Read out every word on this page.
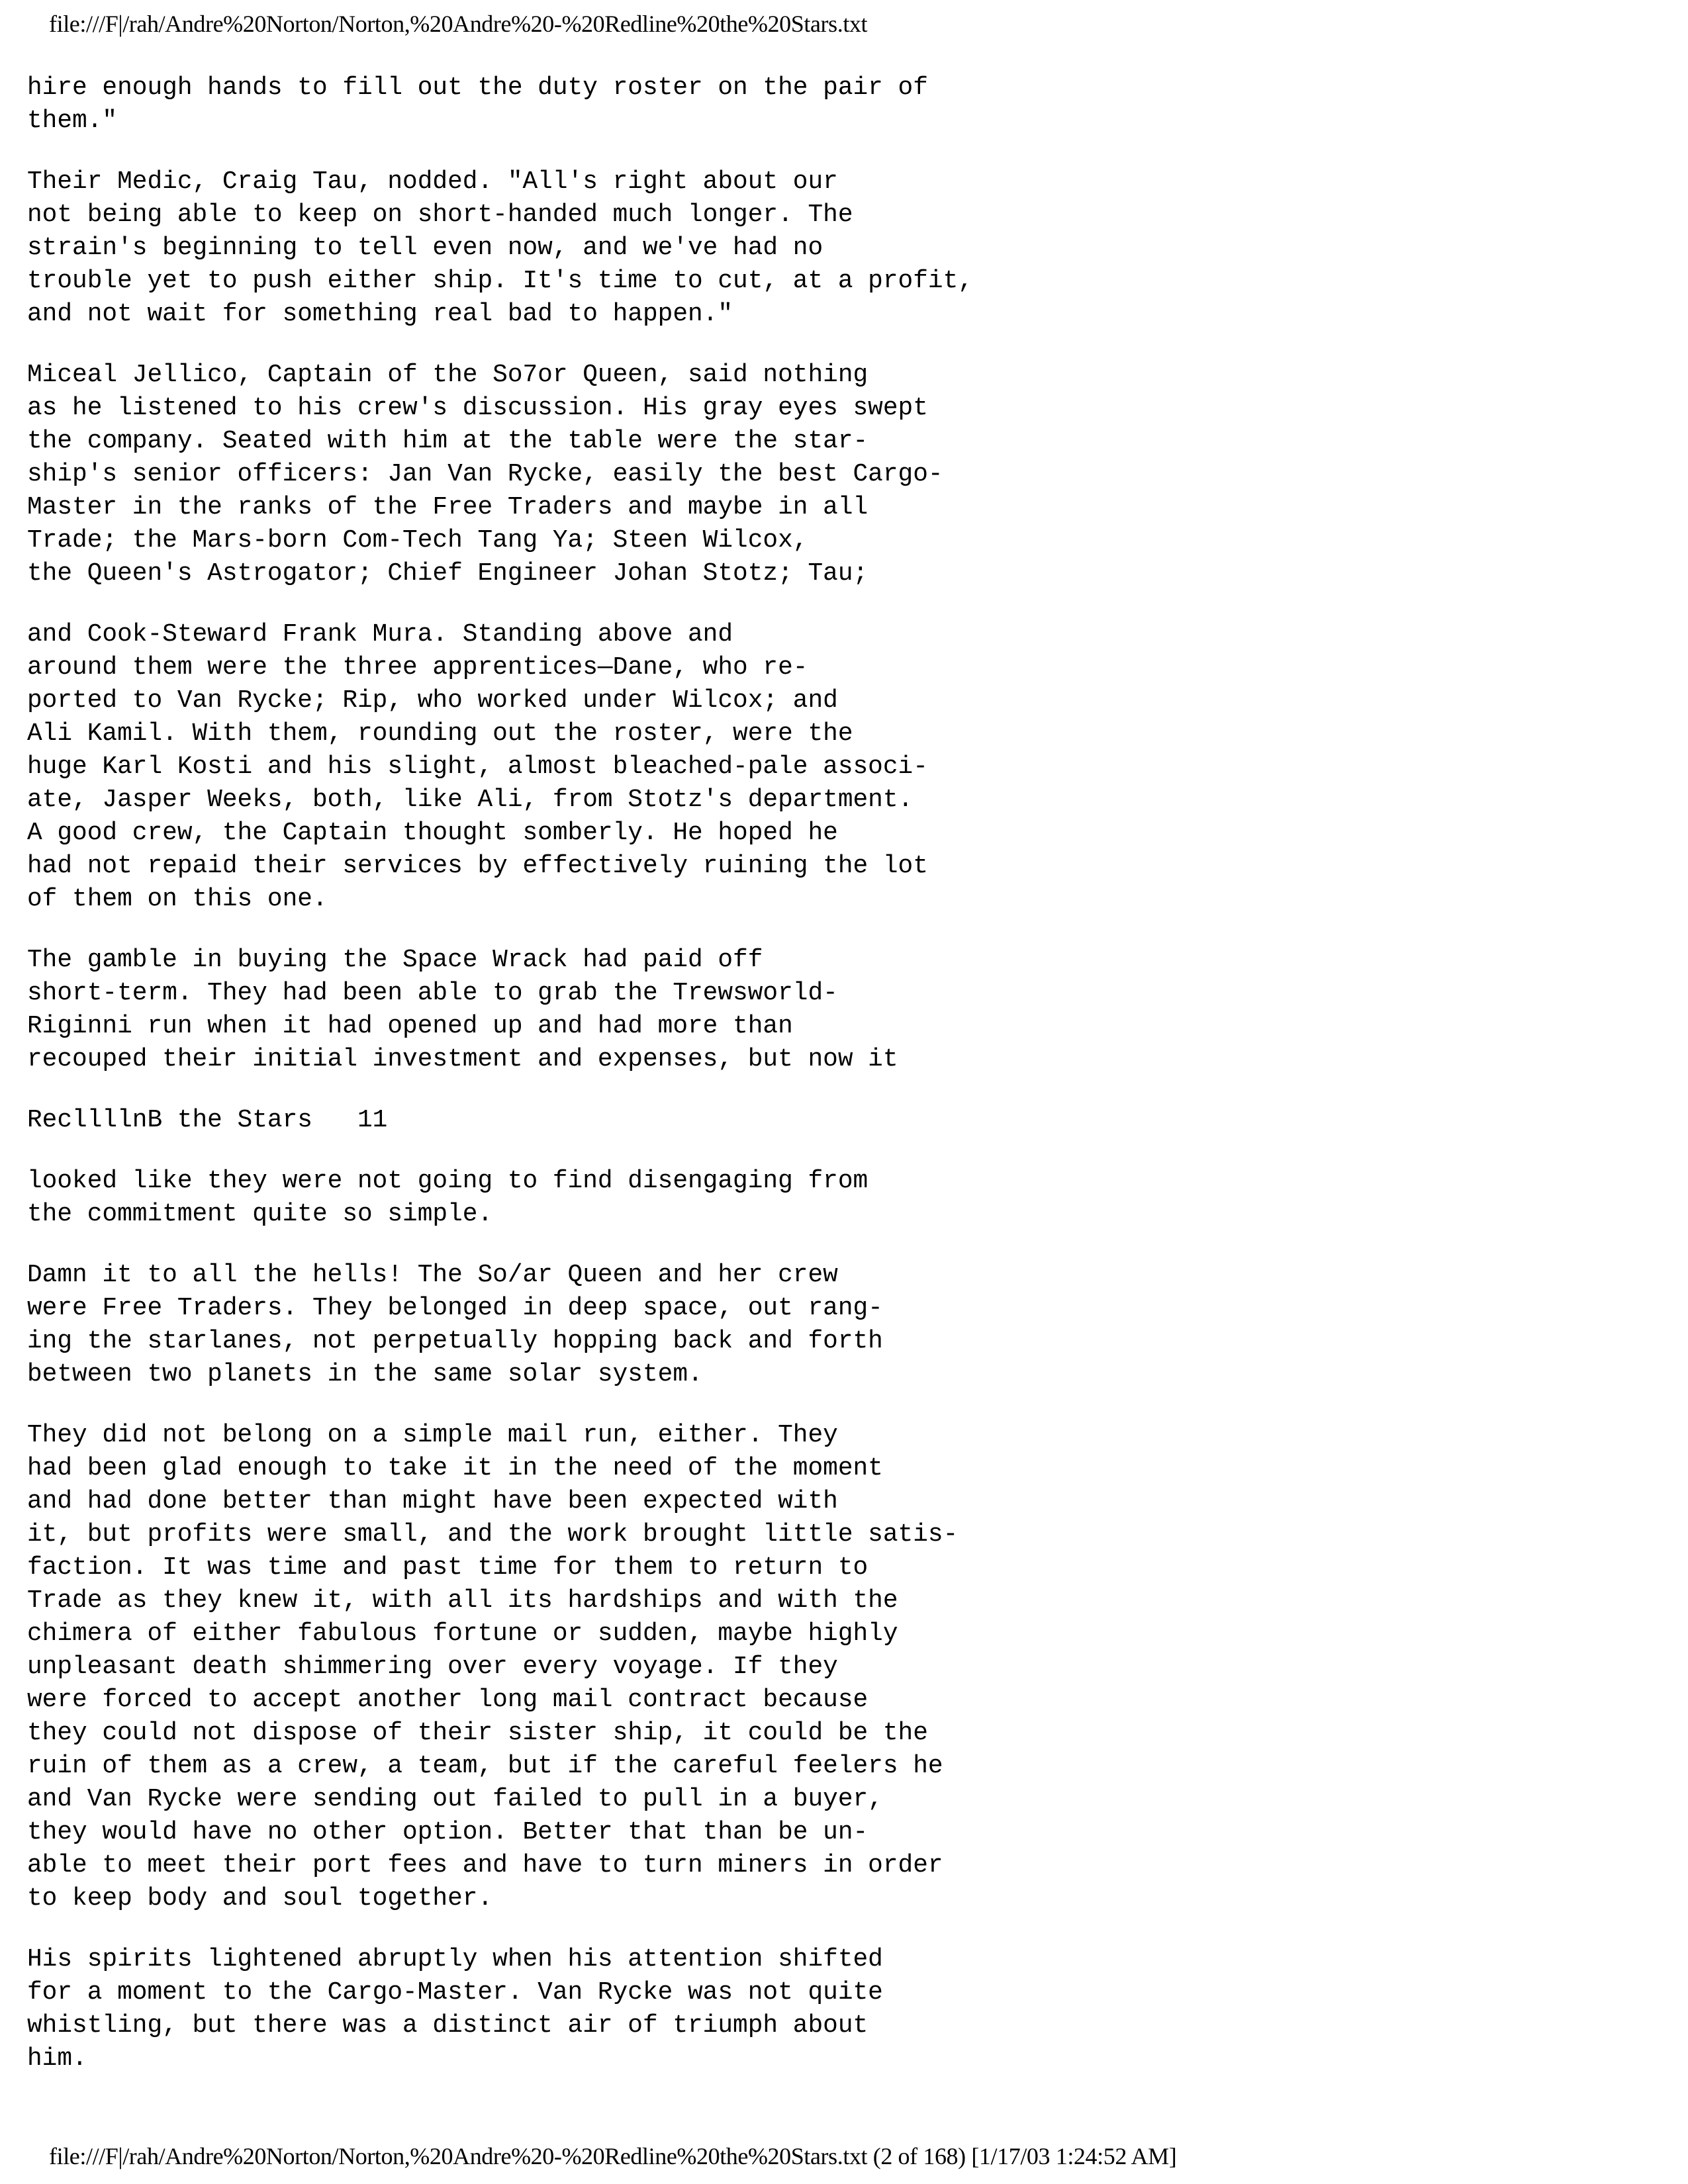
file:///F|/rah/Andre%20Norton/Norton,%20Andre%20-%20Redline%20the%20Stars.txt
hire enough hands to fill out the duty roster on the pair of
them."
Their Medic, Craig Tau, nodded. "All's right about our
not being able to keep on short-handed much longer. The
strain's beginning to tell even now, and we've had no
trouble yet to push either ship. It's time to cut, at a profit,
and not wait for something real bad to happen."
Miceal Jellico, Captain of the So7or Queen, said nothing
as he listened to his crew's discussion. His gray eyes swept
the company. Seated with him at the table were the star-
ship's senior officers: Jan Van Rycke, easily the best Cargo-
Master in the ranks of the Free Traders and maybe in all
Trade; the Mars-born Com-Tech Tang Ya; Steen Wilcox,
the Queen's Astrogator; Chief Engineer Johan Stotz; Tau;
and Cook-Steward Frank Mura. Standing above and
around them were the three apprentices—Dane, who re-
ported to Van Rycke; Rip, who worked under Wilcox; and
Ali Kamil. With them, rounding out the roster, were the
huge Karl Kosti and his slight, almost bleached-pale associ-
ate, Jasper Weeks, both, like Ali, from Stotz's department.
A good crew, the Captain thought somberly. He hoped he
had not repaid their services by effectively ruining the lot
of them on this one.
The gamble in buying the Space Wrack had paid off
short-term. They had been able to grab the Trewsworld-
Riginni run when it had opened up and had more than
recouped their initial investment and expenses, but now it
RecllllnB the Stars   11
looked like they were not going to find disengaging from
the commitment quite so simple.
Damn it to all the hells! The So/ar Queen and her crew
were Free Traders. They belonged in deep space, out rang-
ing the starlanes, not perpetually hopping back and forth
between two planets in the same solar system.
They did not belong on a simple mail run, either. They
had been glad enough to take it in the need of the moment
and had done better than might have been expected with
it, but profits were small, and the work brought little satis-
faction. It was time and past time for them to return to
Trade as they knew it, with all its hardships and with the
chimera of either fabulous fortune or sudden, maybe highly
unpleasant death shimmering over every voyage. If they
were forced to accept another long mail contract because
they could not dispose of their sister ship, it could be the
ruin of them as a crew, a team, but if the careful feelers he
and Van Rycke were sending out failed to pull in a buyer,
they would have no other option. Better that than be un-
able to meet their port fees and have to turn miners in order
to keep body and soul together.
His spirits lightened abruptly when his attention shifted
for a moment to the Cargo-Master. Van Rycke was not quite
whistling, but there was a distinct air of triumph about
him.
file:///F|/rah/Andre%20Norton/Norton,%20Andre%20-%20Redline%20the%20Stars.txt (2 of 168) [1/17/03 1:24:52 AM]
